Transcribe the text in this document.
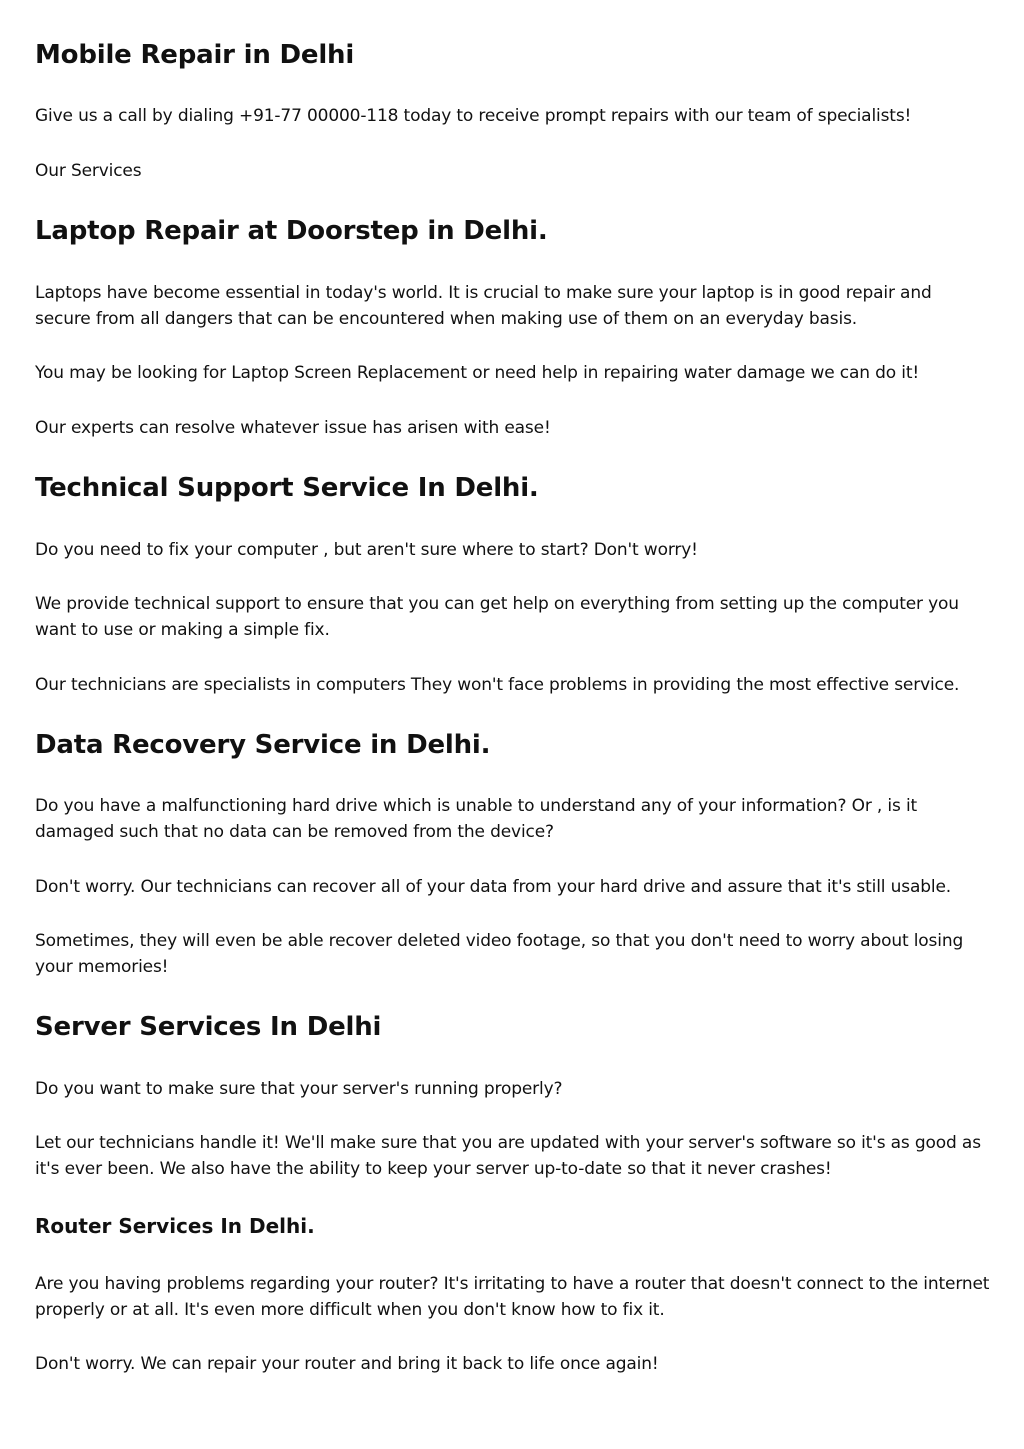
Mobile Repair in Delhi

Give us a call by dialing +91-77 00000-118 today to receive prompt repairs with our team of specialists!

Our Services

Laptop Repair at Doorstep in Delhi.

Laptops have become essential in today's world. It is crucial to make sure your laptop is in good repair and secure from all dangers that can be encountered when making use of them on an everyday basis.

You may be looking for Laptop Screen Replacement or need help in repairing water damage we can do it!

Our experts can resolve whatever issue has arisen with ease!

Technical Support Service In Delhi.

Do you need to fix your computer , but aren't sure where to start? Don't worry!

We provide technical support to ensure that you can get help on everything from setting up the computer you want to use or making a simple fix.

Our technicians are specialists in computers They won't face problems in providing the most effective service.

Data Recovery Service in Delhi.

Do you have a malfunctioning hard drive which is unable to understand any of your information? Or , is it damaged such that no data can be removed from the device?

Don't worry. Our technicians can recover all of your data from your hard drive and assure that it's still usable.

Sometimes, they will even be able recover deleted video footage, so that you don't need to worry about losing your memories!

Server Services In Delhi

Do you want to make sure that your server's running properly?

Let our technicians handle it! We'll make sure that you are updated with your server's software so it's as good as it's ever been. We also have the ability to keep your server up-to-date so that it never crashes!

Router Services In Delhi.

Are you having problems regarding your router? It's irritating to have a router that doesn't connect to the internet properly or at all. It's even more difficult when you don't know how to fix it.

Don't worry. We can repair your router and bring it back to life once again!
